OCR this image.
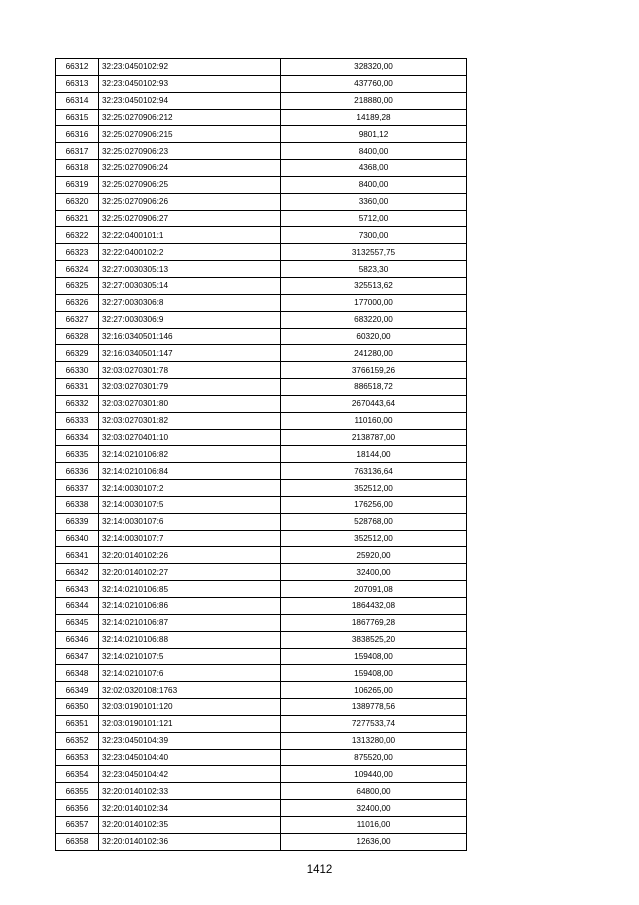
66312	32:23:0450102:92	328320,00
66313	32:23:0450102:93	437760,00
66314	32:23:0450102:94	218880,00
66315	32:25:0270906:212	14189,28
66316	32:25:0270906:215	9801,12
66317	32:25:0270906:23	8400,00
66318	32:25:0270906:24	4368,00
66319	32:25:0270906:25	8400,00
66320	32:25:0270906:26	3360,00
66321	32:25:0270906:27	5712,00
66322	32:22:0400101:1	7300,00
66323	32:22:0400102:2	3132557,75
66324	32:27:0030305:13	5823,30
66325	32:27:0030305:14	325513,62
66326	32:27:0030306:8	177000,00
66327	32:27:0030306:9	683220,00
66328	32:16:0340501:146	60320,00
66329	32:16:0340501:147	241280,00
66330	32:03:0270301:78	3766159,26
66331	32:03:0270301:79	886518,72
66332	32:03:0270301:80	2670443,64
66333	32:03:0270301:82	110160,00
66334	32:03:0270401:10	2138787,00
66335	32:14:0210106:82	18144,00
66336	32:14:0210106:84	763136,64
66337	32:14:0030107:2	352512,00
66338	32:14:0030107:5	176256,00
66339	32:14:0030107:6	528768,00
66340	32:14:0030107:7	352512,00
66341	32:20:0140102:26	25920,00
66342	32:20:0140102:27	32400,00
66343	32:14:0210106:85	207091,08
66344	32:14:0210106:86	1864432,08
66345	32:14:0210106:87	1867769,28
66346	32:14:0210106:88	3838525,20
66347	32:14:0210107:5	159408,00
66348	32:14:0210107:6	159408,00
66349	32:02:0320108:1763	106265,00
66350	32:03:0190101:120	1389778,56
66351	32:03:0190101:121	7277533,74
66352	32:23:0450104:39	1313280,00
66353	32:23:0450104:40	875520,00
66354	32:23:0450104:42	109440,00
66355	32:20:0140102:33	64800,00
66356	32:20:0140102:34	32400,00
66357	32:20:0140102:35	11016,00
66358	32:20:0140102:36	12636,00
1412
